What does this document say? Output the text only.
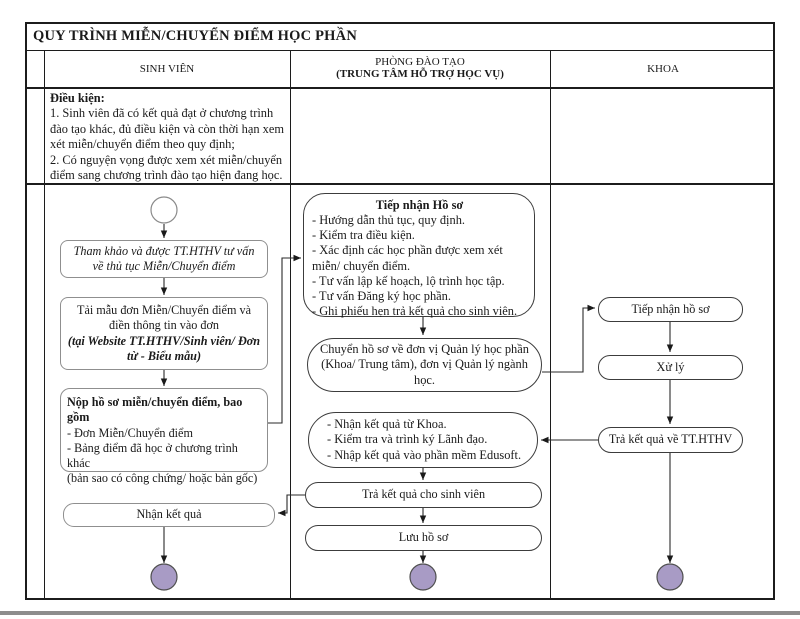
QUY TRÌNH MIỄN/CHUYỂN ĐIỂM HỌC PHẦN
SINH VIÊN
PHÒNG ĐÀO TẠO
(TRUNG TÂM HỖ TRỢ HỌC VỤ)	KHOA
Điều kiện:
1. Sinh viên đã có kết quả đạt ở chương trình đào tạo khác, đủ điều kiện và còn thời hạn xem xét miễn/chuyển điểm theo quy định;
2. Có nguyện vọng được xem xét miễn/chuyển điểm sang chương trình đào tạo hiện đang học.
Tham khảo và được TT.HTHV tư vấn về thủ tục Miễn/Chuyển điểm
Tải mẫu đơn Miễn/Chuyển điểm và điền thông tin vào đơn
(tại Website TT.HTHV/Sinh viên/ Đơn từ - Biểu mẫu)
Nộp hồ sơ miễn/chuyển điểm, bao gồm
- Đơn Miễn/Chuyển điểm
- Bảng điểm đã học ở chương trình khác
(bản sao có công chứng/ hoặc bản gốc)
Nhận kết quả
Tiếp nhận Hồ sơ
- Hướng dẫn thủ tục, quy định.
- Kiểm tra điều kiện.
- Xác định các học phần được xem xét miễn/ chuyển điểm.
- Tư vấn lập kế hoạch, lộ trình học tập.
- Tư vấn Đăng ký học phần.
- Ghi phiếu hẹn trả kết quả cho sinh viên.
Chuyển hồ sơ về đơn vị Quản lý học phần (Khoa/ Trung tâm), đơn vị Quản lý ngành học.
- Nhận kết quả từ Khoa.
- Kiểm tra và trình ký Lãnh đạo.
- Nhập kết quả vào phần mềm Edusoft.
Trả kết quả cho sinh viên
Lưu hồ sơ
Tiếp nhận hồ sơ
Xử lý
Trả kết quả về TT.HTHV
